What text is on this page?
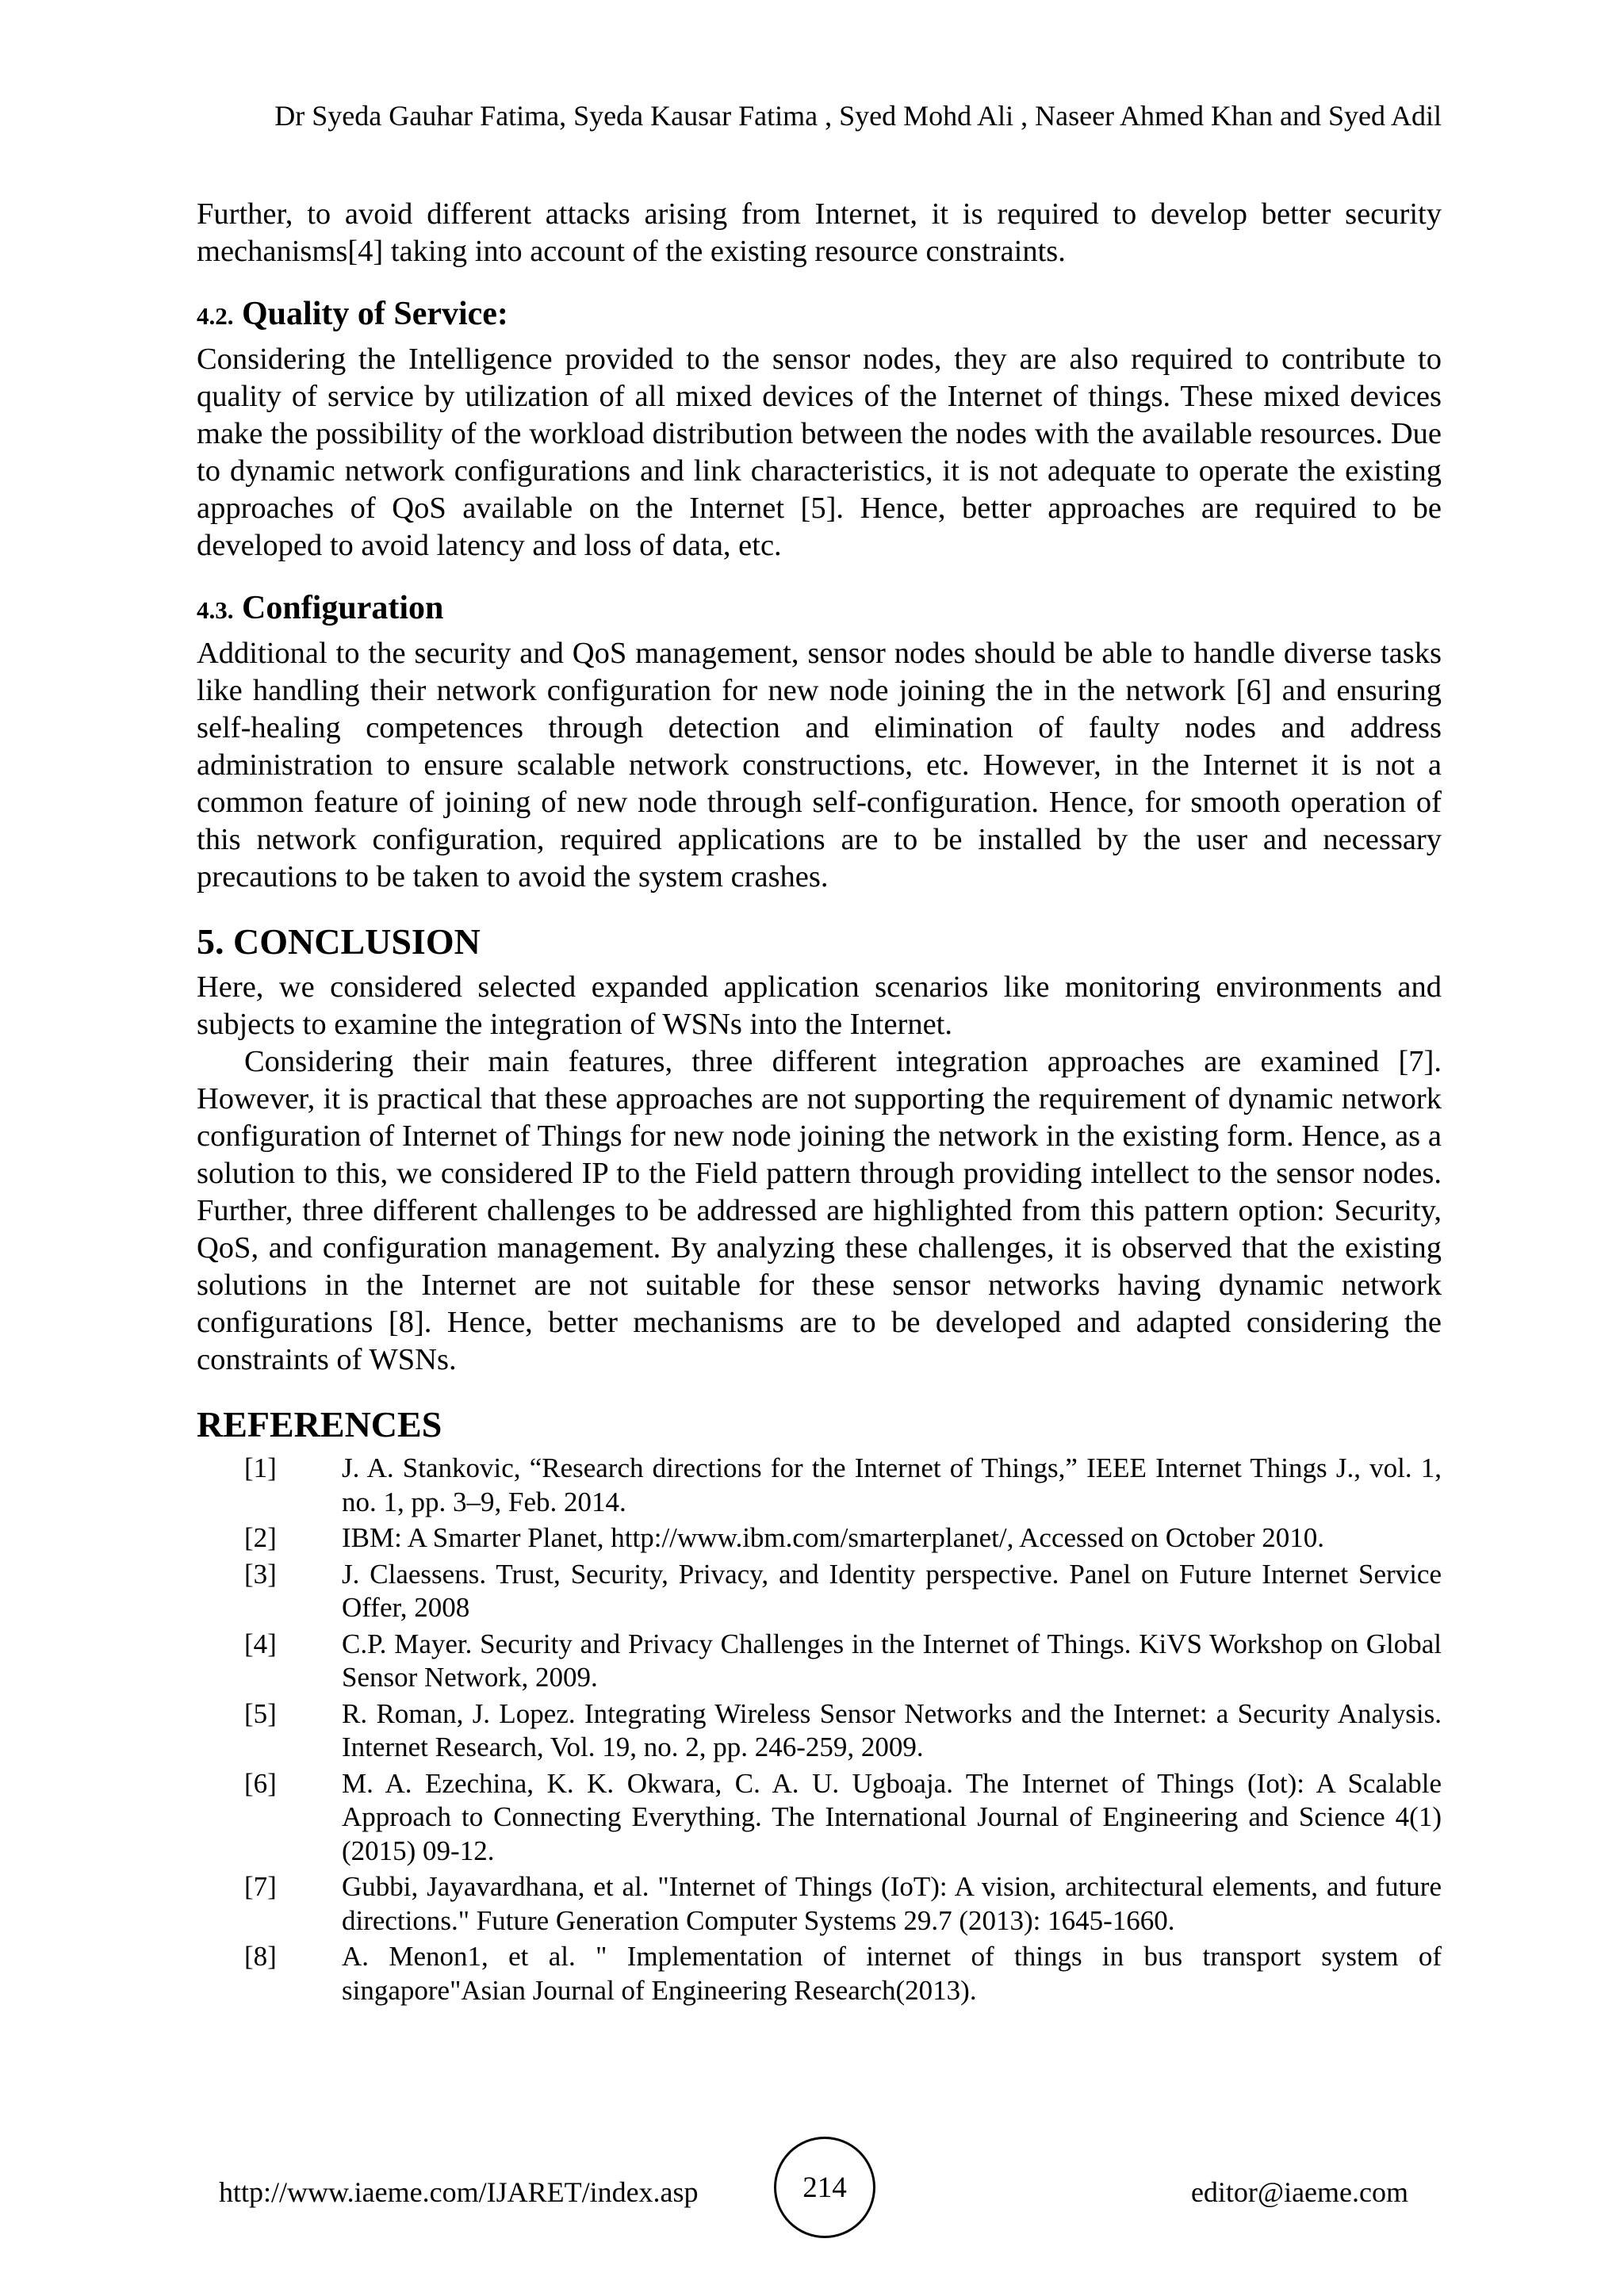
Dr Syeda Gauhar Fatima, Syeda Kausar Fatima , Syed Mohd Ali , Naseer Ahmed Khan and Syed Adil

Further, to avoid different attacks arising from Internet, it is required to develop better security mechanisms[4] taking into account of the existing resource constraints.

4.2. Quality of Service:

Considering the Intelligence provided to the sensor nodes, they are also required to contribute to quality of service by utilization of all mixed devices of the Internet of things. These mixed devices make the possibility of the workload distribution between the nodes with the available resources. Due to dynamic network configurations and link characteristics, it is not adequate to operate the existing approaches of QoS available on the Internet [5]. Hence, better approaches are required to be developed to avoid latency and loss of data, etc.

4.3. Configuration

Additional to the security and QoS management, sensor nodes should be able to handle diverse tasks like handling their network configuration for new node joining the in the network [6] and ensuring self-healing competences through detection and elimination of faulty nodes and address administration to ensure scalable network constructions, etc. However, in the Internet it is not a common feature of joining of new node through self-configuration. Hence, for smooth operation of this network configuration, required applications are to be installed by the user and necessary precautions to be taken to avoid the system crashes.

5. CONCLUSION

Here, we considered selected expanded application scenarios like monitoring environments and subjects to examine the integration of WSNs into the Internet.

Considering their main features, three different integration approaches are examined [7]. However, it is practical that these approaches are not supporting the requirement of dynamic network configuration of Internet of Things for new node joining the network in the existing form. Hence, as a solution to this, we considered IP to the Field pattern through providing intellect to the sensor nodes. Further, three different challenges to be addressed are highlighted from this pattern option: Security, QoS, and configuration management. By analyzing these challenges, it is observed that the existing solutions in the Internet are not suitable for these sensor networks having dynamic network configurations [8]. Hence, better mechanisms are to be developed and adapted considering the constraints of WSNs.

REFERENCES
[1]	J. A. Stankovic, “Research directions for the Internet of Things,” IEEE Internet Things J., vol. 1, no. 1, pp. 3–9, Feb. 2014.
[2]	IBM: A Smarter Planet, http://www.ibm.com/smarterplanet/, Accessed on October 2010.
[3]	J. Claessens. Trust, Security, Privacy, and Identity perspective. Panel on Future Internet Service Offer, 2008
[4]	C.P. Mayer. Security and Privacy Challenges in the Internet of Things. KiVS Workshop on Global Sensor Network, 2009.
[5]	R. Roman, J. Lopez. Integrating Wireless Sensor Networks and the Internet: a Security Analysis. Internet Research, Vol. 19, no. 2, pp. 246-259, 2009.
[6]	M. A. Ezechina, K. K. Okwara, C. A. U. Ugboaja. The Internet of Things (Iot): A Scalable Approach to Connecting Everything. The International Journal of Engineering and Science 4(1) (2015) 09-12.
[7]	Gubbi, Jayavardhana, et al. "Internet of Things (IoT): A vision, architectural elements, and future directions." Future Generation Computer Systems 29.7 (2013): 1645-1660.
[8]	A. Menon1, et al. " Implementation of internet of things in bus transport system of singapore"Asian Journal of Engineering Research(2013).
http://www.iaeme.com/IJARET/index.asp	214	editor@iaeme.com
